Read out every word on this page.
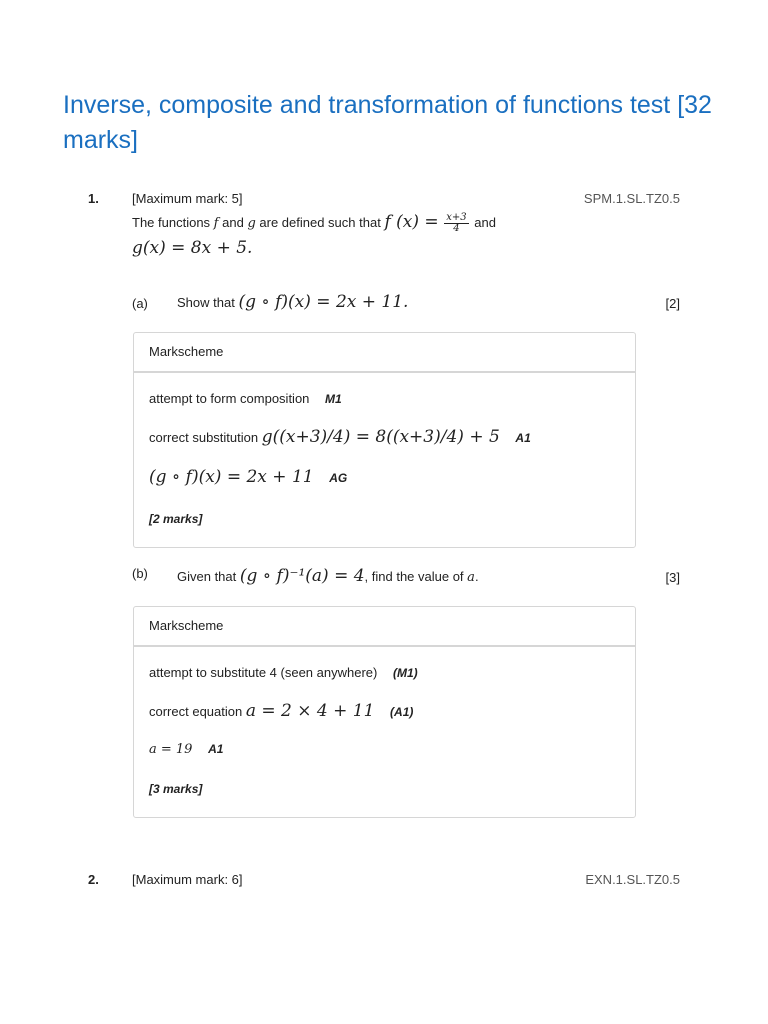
Inverse, composite and transformation of functions test [32 marks]
1.	[Maximum mark: 5]	SPM.1.SL.TZ0.5
The functions f and g are defined such that f $(x) = \frac{x+3}{4}$ and
g(x) = 8x + 5.
(a) Show that (g ∘ f)(x) = 2x + 11.	[2]
Markscheme
attempt to form composition M1
correct substitution g((x+3)/4) = 8((x+3)/4) + 5 A1
(g ∘ f)(x) = 2x + 11 AG
[2 marks]
(b) Given that (g ∘ f)⁻¹(a) = 4, find the value of a.	[3]
Markscheme
attempt to substitute 4 (seen anywhere) (M1)
correct equation a = 2 × 4 + 11 (A1)
a = 19 A1
[3 marks]
2.	[Maximum mark: 6]	EXN.1.SL.TZ0.5
